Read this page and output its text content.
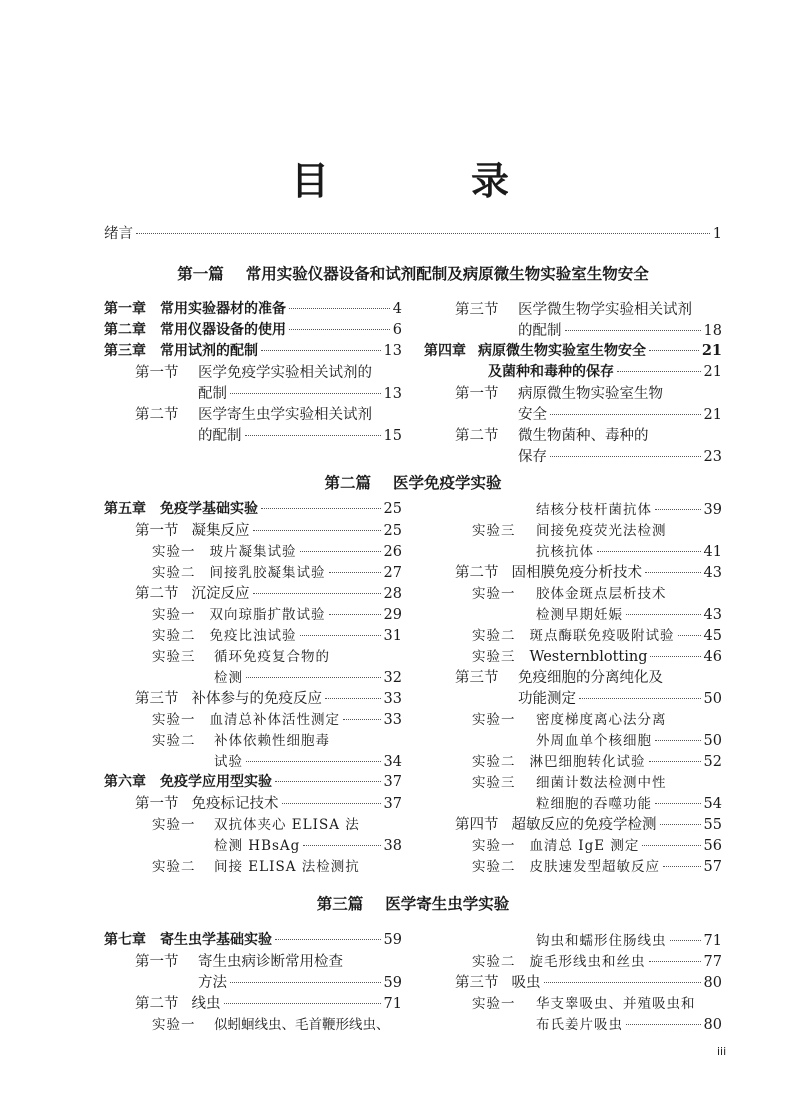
目　录
绪言	1
第一篇 常用实验仪器设备和试剂配制及病原微生物实验室生物安全
第一章 常用实验器材的准备	4
第二章 常用仪器设备的使用	6
第三章 常用试剂的配制	13
第一节 医学免疫学实验相关试剂的
配制	13
第二节 医学寄生虫学实验相关试剂
的配制	15
第三节 医学微生物学实验相关试剂
的配制	18
第四章 病原微生物实验室生物安全	21
及菌种和毒种的保存	21
第一节 病原微生物实验室生物
安全	21
第二节 微生物菌种、毒种的
保存	23
第二篇 医学免疫学实验
第五章 免疫学基础实验	25
第一节 凝集反应	25
实验一 玻片凝集试验	26
实验二 间接乳胶凝集试验	27
第二节 沉淀反应	28
实验一 双向琼脂扩散试验	29
实验二 免疫比浊试验	31
实验三 循环免疫复合物的
检测	32
第三节 补体参与的免疫反应	33
实验一 血清总补体活性测定	33
实验二 补体依赖性细胞毒
试验	34
第六章 免疫学应用型实验	37
第一节 免疫标记技术	37
实验一 双抗体夹心 ELISA 法
检测 HBsAg	38
实验二 间接 ELISA 法检测抗
结核分枝杆菌抗体	39
实验三 间接免疫荧光法检测
抗核抗体	41
第二节 固相膜免疫分析技术	43
实验一 胶体金斑点层析技术
检测早期妊娠	43
实验二 斑点酶联免疫吸附试验 45
实验三 Westernblotting	46
第三节 免疫细胞的分离纯化及
功能测定	50
实验一 密度梯度离心法分离
外周血单个核细胞	50
实验二 淋巴细胞转化试验	52
实验三 细菌计数法检测中性
粒细胞的吞噬功能	54
第四节 超敏反应的免疫学检测	55
实验一 血清总 IgE 测定	56
实验二 皮肤速发型超敏反应	57
第三篇 医学寄生虫学实验
第七章 寄生虫学基础实验	59
第一节 寄生虫病诊断常用检查
方法	59
第二节 线虫	71
实验一 似蚓蛔线虫、毛首鞭形线虫、
钩虫和蠕形住肠线虫	71
实验二 旋毛形线虫和丝虫	77
第三节 吸虫	80
实验一 华支睾吸虫、并殖吸虫和
布氏姜片吸虫	80
iii
